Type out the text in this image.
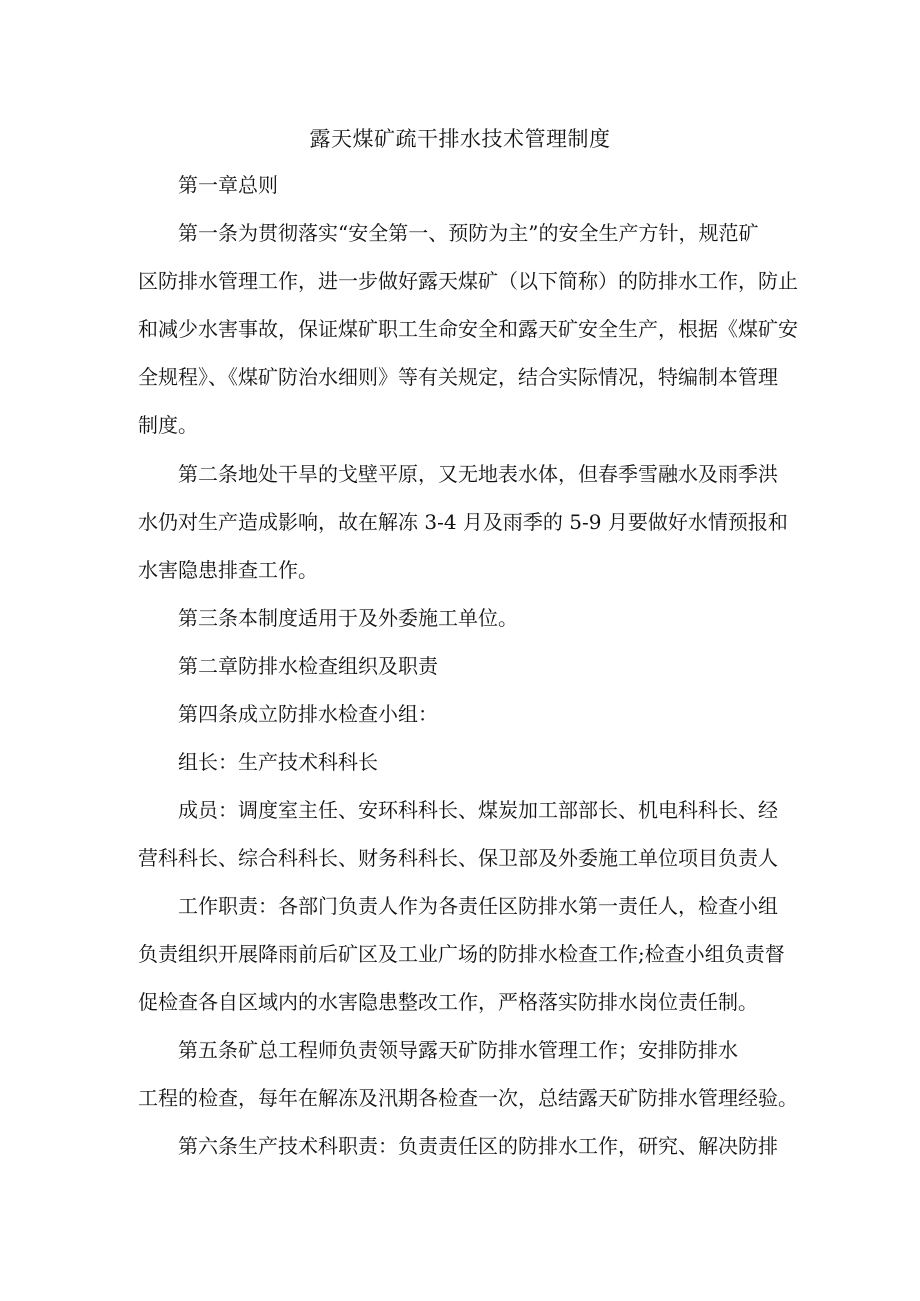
露天煤矿疏干排水技术管理制度
第一章总则
第一条为贯彻落实“安全第一、预防为主”的安全生产方针，规范矿
区防排水管理工作，进一步做好露天煤矿（以下简称）的防排水工作，防止
和减少水害事故，保证煤矿职工生命安全和露天矿安全生产，根据《煤矿安
全规程》、《煤矿防治水细则》等有关规定，结合实际情况，特编制本管理
制度。
第二条地处干旱的戈壁平原，又无地表水体，但春季雪融水及雨季洪
水仍对生产造成影响，故在解冻 3-4 月及雨季的 5-9 月要做好水情预报和
水害隐患排查工作。
第三条本制度适用于及外委施工单位。
第二章防排水检查组织及职责
第四条成立防排水检查小组：
组长：生产技术科科长
成员：调度室主任、安环科科长、煤炭加工部部长、机电科科长、经
营科科长、综合科科长、财务科科长、保卫部及外委施工单位项目负责人
工作职责：各部门负责人作为各责任区防排水第一责任人，检查小组
负责组织开展降雨前后矿区及工业广场的防排水检查工作;检查小组负责督
促检查各自区域内的水害隐患整改工作，严格落实防排水岗位责任制。
第五条矿总工程师负责领导露天矿防排水管理工作；安排防排水
工程的检查，每年在解冻及汛期各检查一次，总结露天矿防排水管理经验。
第六条生产技术科职责：负责责任区的防排水工作，研究、解决防排
